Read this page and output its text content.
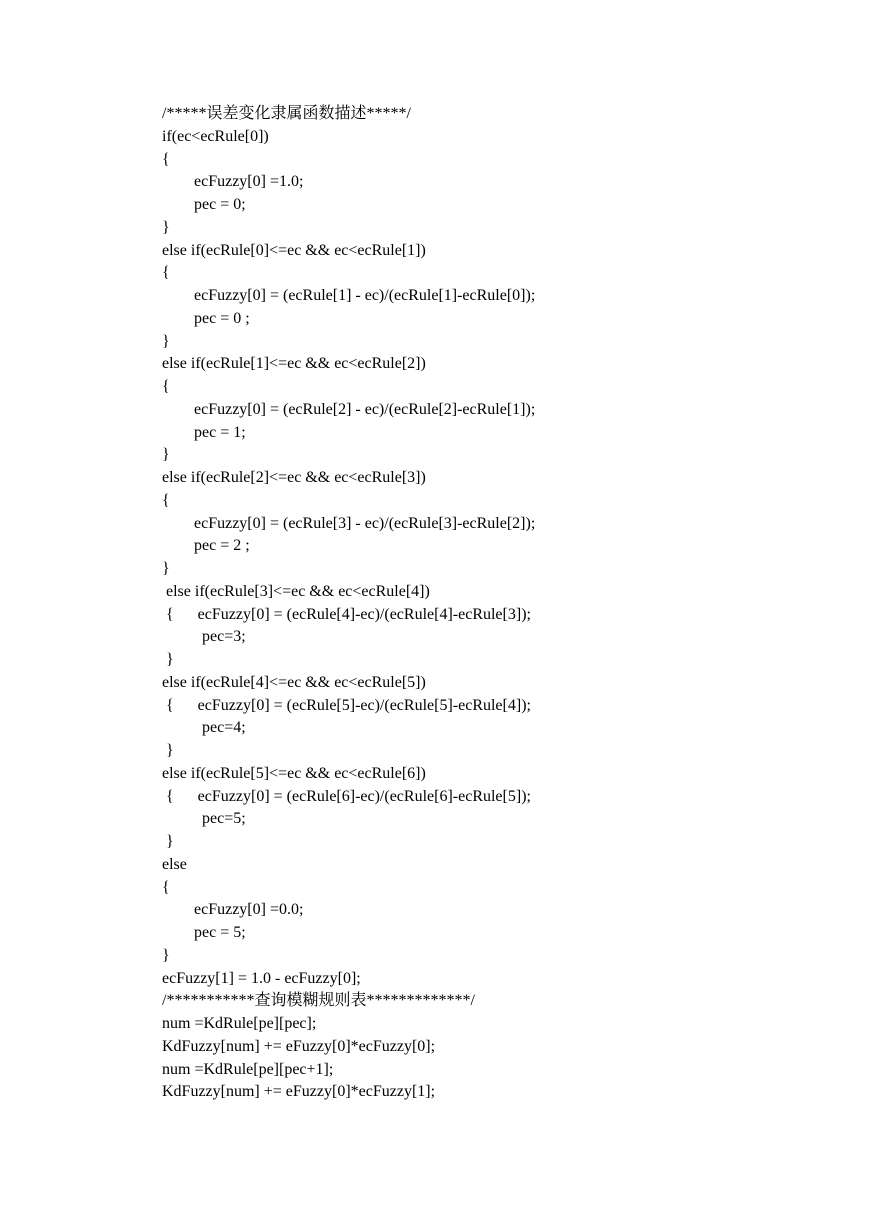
/*****误差变化隶属函数描述*****/
if(ec<ecRule[0])
{
ecFuzzy[0] =1.0;
pec = 0;
}
else if(ecRule[0]<=ec && ec<ecRule[1])
{
ecFuzzy[0] = (ecRule[1] - ec)/(ecRule[1]-ecRule[0]);
pec = 0 ;
}
else if(ecRule[1]<=ec && ec<ecRule[2])
{
ecFuzzy[0] = (ecRule[2] - ec)/(ecRule[2]-ecRule[1]);
pec = 1;
}
else if(ecRule[2]<=ec && ec<ecRule[3])
{
ecFuzzy[0] = (ecRule[3] - ec)/(ecRule[3]-ecRule[2]);
pec = 2 ;
}
else if(ecRule[3]<=ec && ec<ecRule[4])
{      ecFuzzy[0] = (ecRule[4]-ec)/(ecRule[4]-ecRule[3]);
pec=3;
}
else if(ecRule[4]<=ec && ec<ecRule[5])
{      ecFuzzy[0] = (ecRule[5]-ec)/(ecRule[5]-ecRule[4]);
pec=4;
}
else if(ecRule[5]<=ec && ec<ecRule[6])
{      ecFuzzy[0] = (ecRule[6]-ec)/(ecRule[6]-ecRule[5]);
pec=5;
}
else
{
ecFuzzy[0] =0.0;
pec = 5;
}
ecFuzzy[1] = 1.0 - ecFuzzy[0];
/***********查询模糊规则表*************/
num =KdRule[pe][pec];
KdFuzzy[num] += eFuzzy[0]*ecFuzzy[0];
num =KdRule[pe][pec+1];
KdFuzzy[num] += eFuzzy[0]*ecFuzzy[1];
